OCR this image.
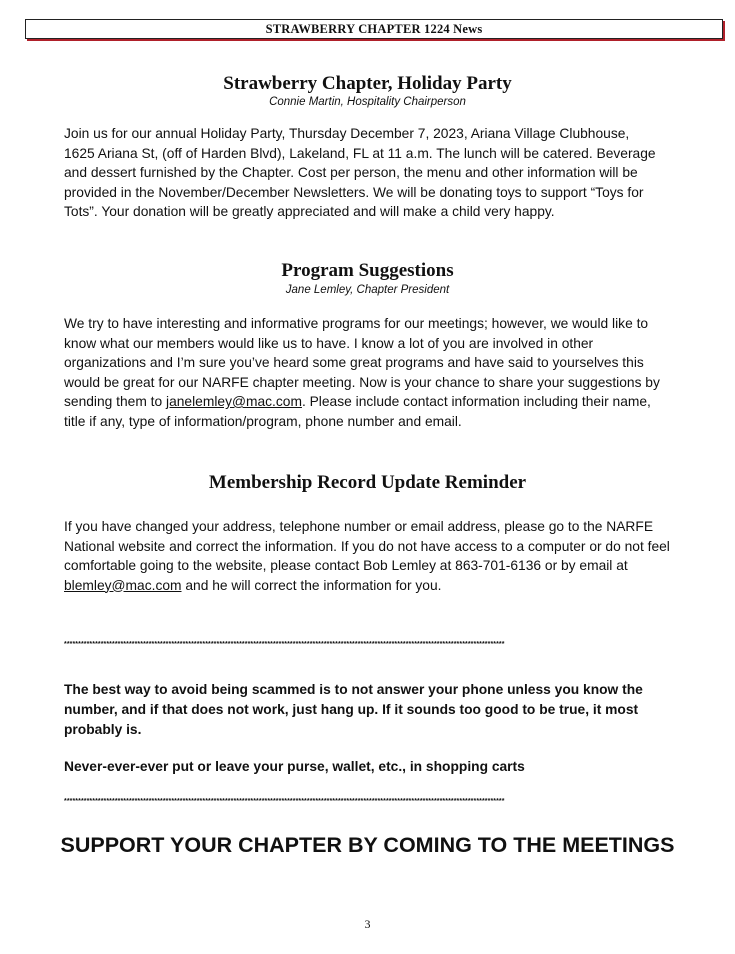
STRAWBERRY CHAPTER 1224 News
Strawberry Chapter, Holiday Party
Connie Martin, Hospitality Chairperson
Join us for our annual Holiday Party, Thursday December 7, 2023, Ariana Village Clubhouse,
1625 Ariana St, (off of Harden Blvd), Lakeland, FL at 11 a.m. The lunch will be catered. Beverage
and dessert furnished by the Chapter. Cost per person, the menu and other information will be
provided in the November/December Newsletters. We will be donating toys to support “Toys for
Tots”. Your donation will be greatly appreciated and will make a child very happy.
Program Suggestions
Jane Lemley, Chapter President
We try to have interesting and informative programs for our meetings; however, we would like to
know what our members would like us to have. I know a lot of you are involved in other
organizations and I’m sure you’ve heard some great programs and have said to yourselves this
would be great for our NARFE chapter meeting. Now is your chance to share your suggestions by
sending them to janelemley@mac.com. Please include contact information including their name,
title if any, type of information/program, phone number and email.
Membership Record Update Reminder
If you have changed your address, telephone number or email address, please go to the NARFE
National website and correct the information. If you do not have access to a computer or do not feel
comfortable going to the website, please contact Bob Lemley at 863-701-6136 or by email at
blemley@mac.com and he will correct the information for you.
************************************************************************************************************************************************************
The best way to avoid being scammed is to not answer your phone unless you know the
number, and if that does not work, just hang up. If it sounds too good to be true, it most
probably is.
Never-ever-ever put or leave your purse, wallet, etc., in shopping carts
************************************************************************************************************************************************************
SUPPORT YOUR CHAPTER BY COMING TO THE MEETINGS
3
